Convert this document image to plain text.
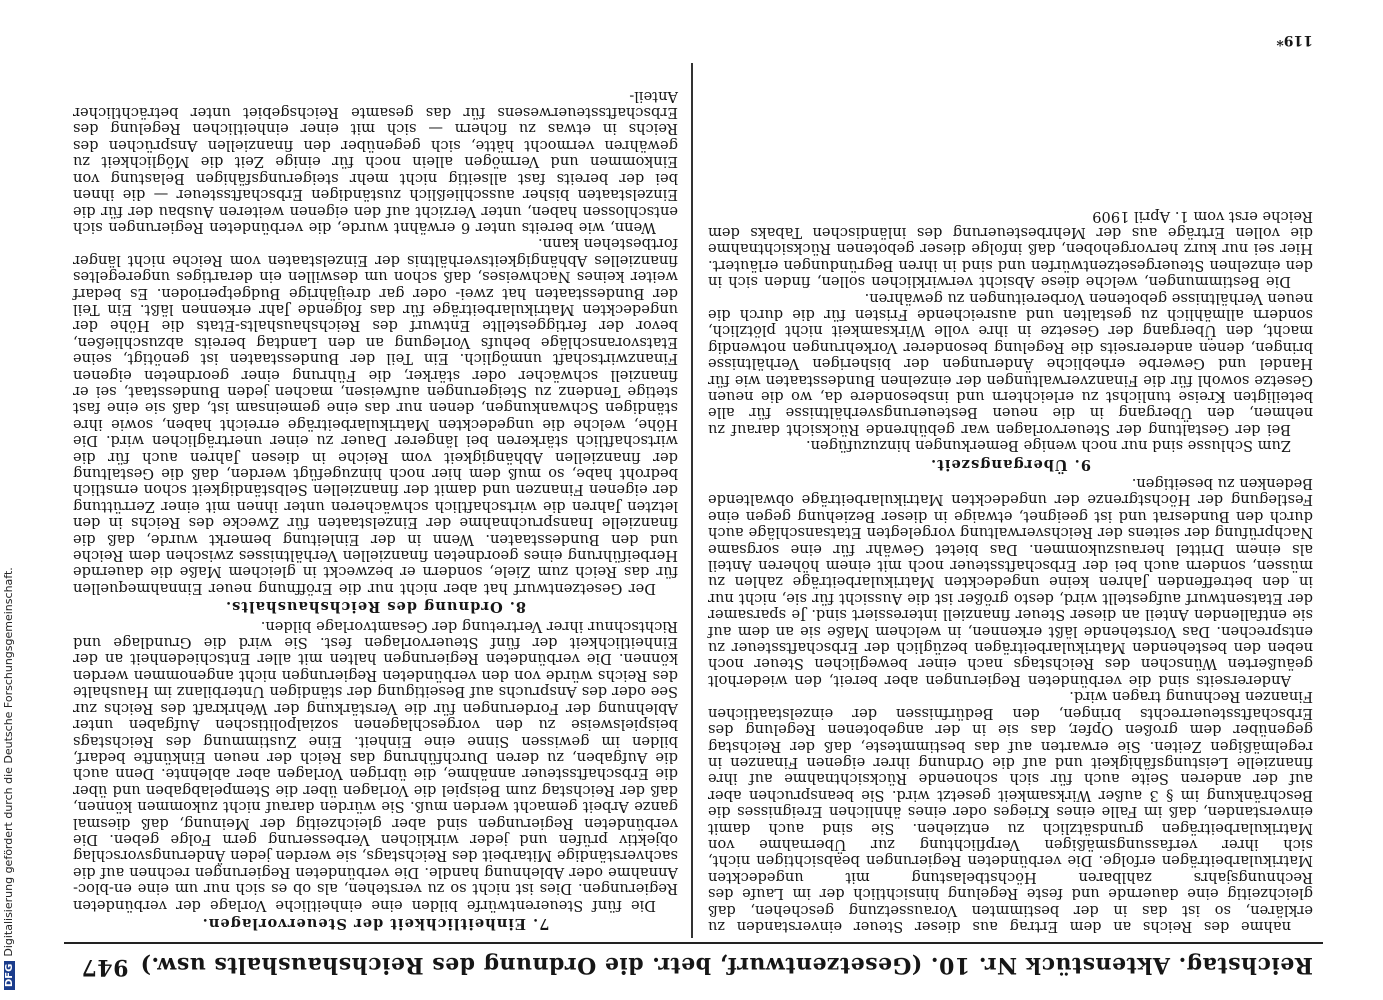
Reichstag. Aktenstück Nr. 10. (Gesetzentwurf, betr. die Ordnung des Reichshaushalts usw.)
947

nahme des Reichs an dem Ertrag aus dieser Steuer einverstanden zu erklären, so ist das in der bestimmten Voraussetzung geschehen, daß gleichzeitig eine dauernde und feste Regelung hinsichtlich der im Laufe des Rechnungsjahrs zahlbaren Höchstbelastung mit ungedeckten Matrikularbeiträgen erfolge. Die verbündeten Regierungen beabsichtigen nicht, sich ihrer verfassungsmäßigen Verpflichtung zur Übernahme von Matrikularbeiträgen grundsätzlich zu entziehen. Sie sind auch damit einverstanden, daß im Falle eines Krieges oder eines ähnlichen Ereignisses die Beschränkung im § 3 außer Wirksamkeit gesetzt wird. Sie beanspruchen aber auf der anderen Seite auch für sich schonende Rücksichtnahme auf ihre finanzielle Leistungsfähigkeit und auf die Ordnung ihrer eigenen Finanzen in regelmäßigen Zeiten. Sie erwarten auf das bestimmteste, daß der Reichstag gegenüber dem großen Opfer, das sie in der angebotenen Regelung des Erbschaftssteuerrechts bringen, den Bedürfnissen der einzelstaatlichen Finanzen Rechnung tragen wird.

Andererseits sind die verbündeten Regierungen aber bereit, den wiederholt geäußerten Wünschen des Reichstags nach einer beweglichen Steuer noch neben den bestehenden Matrikularbeiträgen bezüglich der Erbschaftssteuer zu entsprechen. Das Vorstehende läßt erkennen, in welchem Maße sie an dem auf sie entfallenden Anteil an dieser Steuer finanziell interessiert sind. Je sparsamer der Etatsentwurf aufgestellt wird, desto größer ist die Aussicht für sie, nicht nur in den betreffenden Jahren keine ungedeckten Matrikularbeiträge zahlen zu müssen, sondern auch bei der Erbschaftssteuer noch mit einem höheren Anteil als einem Drittel herauszukommen. Das bietet Gewähr für eine sorgsame Nachprüfung der seitens der Reichsverwaltung vorgelegten Etatsanschläge auch durch den Bundesrat und ist geeignet, etwaige in dieser Beziehung gegen eine Festlegung der Höchstgrenze der ungedeckten Matrikularbeiträge obwaltende Bedenken zu beseitigen.

9. Übergangszeit.

Zum Schlusse sind nur noch wenige Bemerkungen hinzuzufügen.

Bei der Gestaltung der Steuervorlagen war gebührende Rücksicht darauf zu nehmen, den Übergang in die neuen Besteuerungsverhältnisse für alle beteiligten Kreise tunlichst zu erleichtern und insbesondere da, wo die neuen Gesetze sowohl für die Finanzverwaltungen der einzelnen Bundesstaaten wie für Handel und Gewerbe erhebliche Änderungen der bisherigen Verhältnisse bringen, denen andererseits die Regelung besonderer Vorkehrungen notwendig macht, den Übergang der Gesetze in ihre volle Wirksamkeit nicht plötzlich, sondern allmählich zu gestalten und ausreichende Fristen für die durch die neuen Verhältnisse gebotenen Vorbereitungen zu gewähren.

Die Bestimmungen, welche diese Absicht verwirklichen sollen, finden sich in den einzelnen Steuergesetzentwürfen und sind in ihren Begründungen erläutert. Hier sei nur kurz hervorgehoben, daß infolge dieser gebotenen Rücksichtnahme die vollen Erträge aus der Mehrbesteuerung des inländischen Tabaks dem Reiche erst vom 1. April 1909

7. Einheitlichkeit der Steuervorlagen.

Die fünf Steuerentwürfe bilden eine einheitliche Vorlage der verbündeten Regierungen. Dies ist nicht so zu verstehen, als ob es sich nur um eine en-bloc-Annahme oder Ablehnung handle. Die verbündeten Regierungen rechnen auf die sachverständige Mitarbeit des Reichstags, sie werden jeden Änderungsvorschlag objektiv prüfen und jeder wirklichen Verbesserung gern Folge geben. Die verbündeten Regierungen sind aber gleichzeitig der Meinung, daß diesmal ganze Arbeit gemacht werden muß. Sie würden darauf nicht zukommen können, daß der Reichstag zum Beispiel die Vorlagen über die Stempelabgaben und über die Erbschaftssteuer annähme, die übrigen Vorlagen aber ablehnte. Denn auch die Aufgaben, zu deren Durchführung das Reich der neuen Einkünfte bedarf, bilden im gewissen Sinne eine Einheit. Eine Zustimmung des Reichstags beispielsweise zu den vorgeschlagenen sozialpolitischen Aufgaben unter Ablehnung der Forderungen für die Verstärkung der Wehrkraft des Reichs zur See oder des Anspruchs auf Beseitigung der ständigen Unterbilanz im Haushalte des Reichs würde von den verbündeten Regierungen nicht angenommen werden können. Die verbündeten Regierungen halten mit aller Entschiedenheit an der Einheitlichkeit der fünf Steuervorlagen fest. Sie wird die Grundlage und Richtschnur ihrer Vertretung der Gesamtvorlage bilden.

8. Ordnung des Reichshaushalts.

Der Gesetzentwurf hat aber nicht nur die Eröffnung neuer Einnahmequellen für das Reich zum Ziele, sondern er bezweckt in gleichem Maße die dauernde Herbeiführung eines geordneten finanziellen Verhältnisses zwischen dem Reiche und den Bundesstaaten. Wenn in der Einleitung bemerkt wurde, daß die finanzielle Inanspruchnahme der Einzelstaaten für Zwecke des Reichs in den letzten Jahren die wirtschaftlich schwächeren unter ihnen mit einer Zerrüttung der eigenen Finanzen und damit der finanziellen Selbständigkeit schon ernstlich bedroht habe, so muß dem hier noch hinzugefügt werden, daß die Gestaltung der finanziellen Abhängigkeit vom Reiche in diesen Jahren auch für die wirtschaftlich stärkeren bei längerer Dauer zu einer unerträglichen wird. Die Höhe, welche die ungedeckten Matrikularbeiträge erreicht haben, sowie ihre ständigen Schwankungen, denen nur das eine gemeinsam ist, daß sie eine fast stetige Tendenz zu Steigerungen aufweisen, machen jeden Bundesstaat, sei er finanziell schwächer oder stärker, die Führung einer geordneten eigenen Finanzwirtschaft unmöglich. Ein Teil der Bundesstaaten ist genötigt, seine Etatsvoranschläge behufs Vorlegung an den Landtag bereits abzuschließen, bevor der fertiggestellte Entwurf des Reichshaushalts-Etats die Höhe der ungedeckten Matrikularbeiträge für das folgende Jahr erkennen läßt. Ein Teil der Bundesstaaten hat zwei- oder gar dreijährige Budgetperioden. Es bedarf weiter keines Nachweises, daß schon um deswillen ein derartiges ungeregeltes finanzielles Abhängigkeitsverhältnis der Einzelstaaten vom Reiche nicht länger fortbestehen kann.

Wenn, wie bereits unter 6 erwähnt wurde, die verbündeten Regierungen sich entschlossen haben, unter Verzicht auf den eigenen weiteren Ausbau der für die Einzelstaaten bisher ausschließlich zuständigen Erbschaftssteuer — die ihnen bei der bereits fast allseitig nicht mehr steigerungsfähigen Belastung von Einkommen und Vermögen allein noch für einige Zeit die Möglichkeit zu gewähren vermocht hätte, sich gegenüber den finanziellen Ansprüchen des Reichs in etwas zu fichern — sich mit einer einheitlichen Regelung des Erbschaftssteuerwesens für das gesamte Reichsgebiet unter beträchtlicher Anteil-

119*
DFGDigitalisierung gefördert durch die Deutsche Forschungsgemeinschaft.
